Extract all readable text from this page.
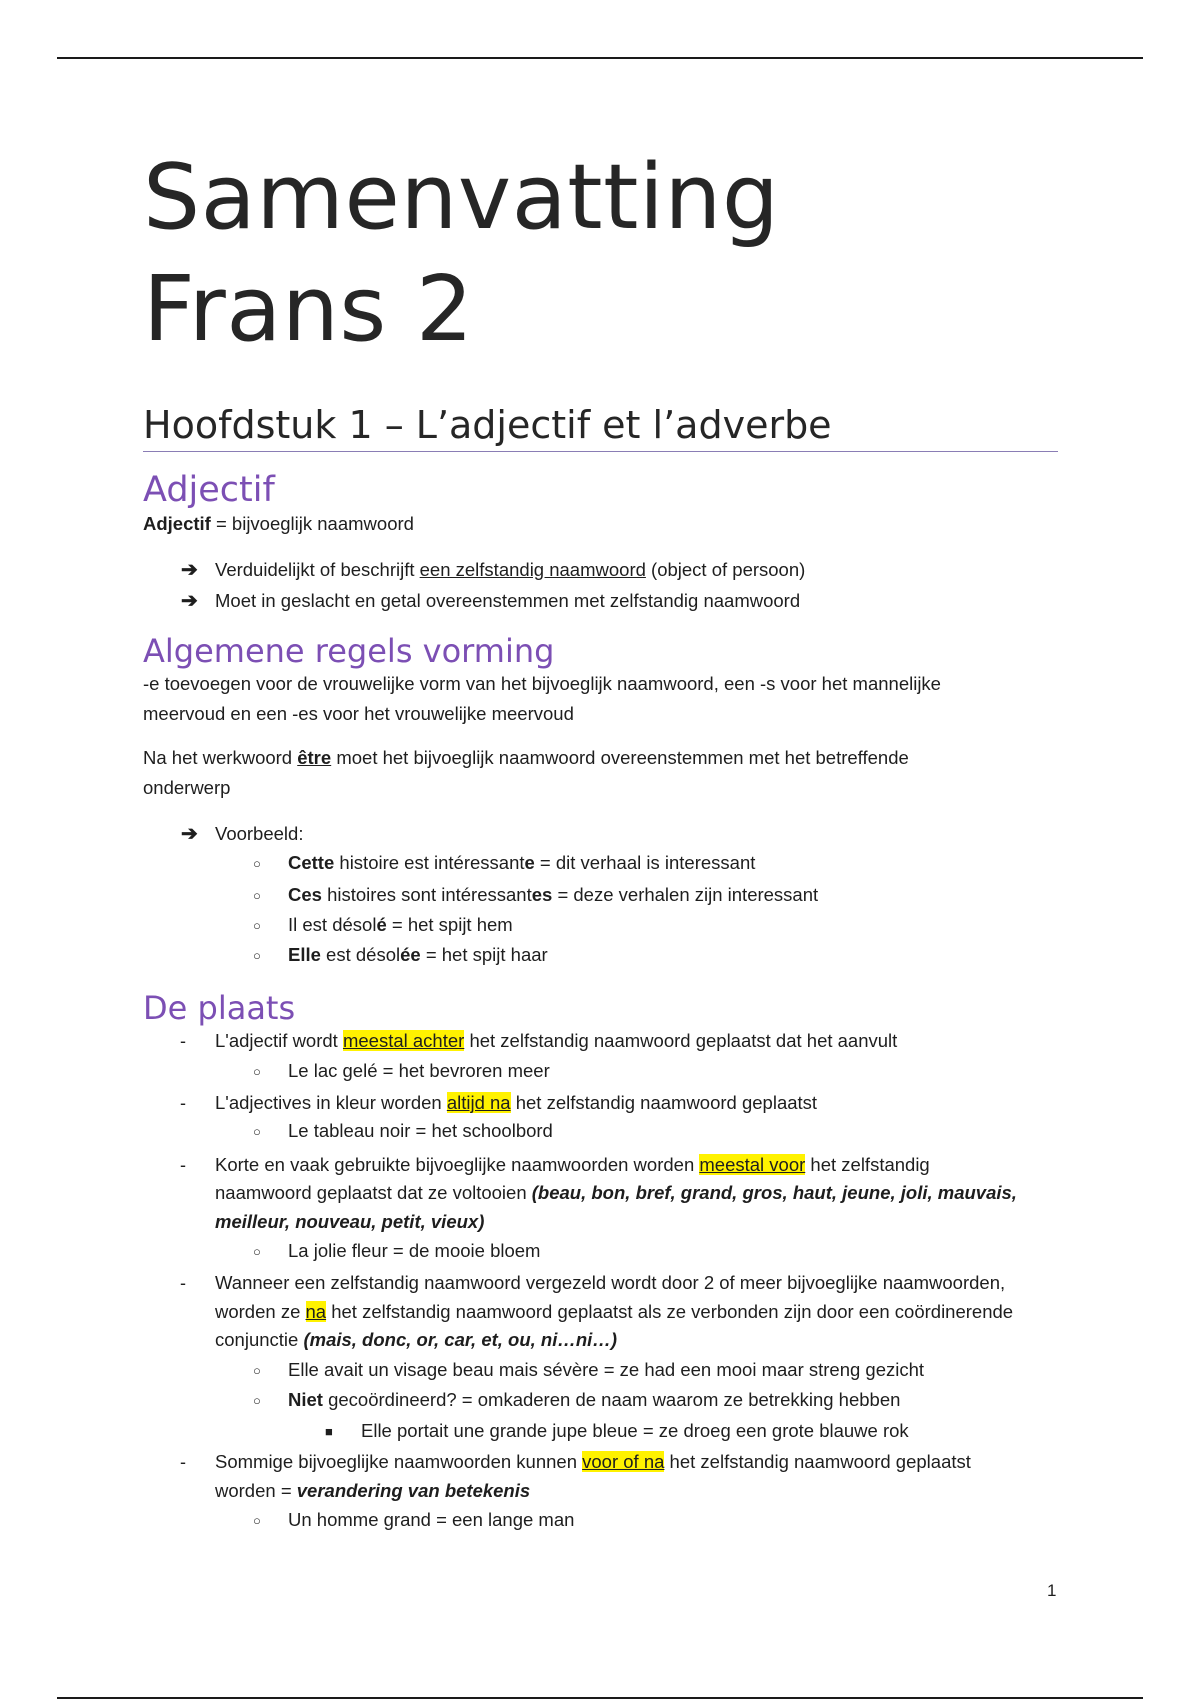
Samenvatting
Frans 2
Hoofdstuk 1 – L’adjectif et l’adverbe
Adjectif

Adjectif = bijvoeglijk naamwoord

➔ Verduidelijkt of beschrijft een zelfstandig naamwoord (object of persoon)

➔ Moet in geslacht en getal overeenstemmen met zelfstandig naamwoord

Algemene regels vorming

-e toevoegen voor de vrouwelijke vorm van het bijvoeglijk naamwoord, een -s voor het mannelijke

meervoud en een -es voor het vrouwelijke meervoud

Na het werkwoord être moet het bijvoeglijk naamwoord overeenstemmen met het betreffende

onderwerp

➔ Voorbeeld:

○ Cette histoire est intéressante = dit verhaal is interessant

○ Ces histoires sont intéressantes = deze verhalen zijn interessant

○ Il est désolé = het spijt hem

○ Elle est désolée = het spijt haar

De plaats
- L'adjectif wordt meestal achter het zelfstandig naamwoord geplaatst dat het aanvult

○ Le lac gelé = het bevroren meer

- L'adjectives in kleur worden altijd na het zelfstandig naamwoord geplaatst

○ Le tableau noir = het schoolbord

- Korte en vaak gebruikte bijvoeglijke naamwoorden worden meestal voor het zelfstandig

naamwoord geplaatst dat ze voltooien (beau, bon, bref, grand, gros, haut, jeune, joli, mauvais,

meilleur, nouveau, petit, vieux)

○ La jolie fleur = de mooie bloem

- Wanneer een zelfstandig naamwoord vergezeld wordt door 2 of meer bijvoeglijke naamwoorden,

worden ze na het zelfstandig naamwoord geplaatst als ze verbonden zijn door een coördinerende

conjunctie (mais, donc, or, car, et, ou, ni…ni…)

○ Elle avait un visage beau mais sévère = ze had een mooi maar streng gezicht

○ Niet gecoördineerd? = omkaderen de naam waarom ze betrekking hebben

■ Elle portait une grande jupe bleue = ze droeg een grote blauwe rok

- Sommige bijvoeglijke naamwoorden kunnen voor of na het zelfstandig naamwoord geplaatst

worden = verandering van betekenis

○ Un homme grand = een lange man

1
